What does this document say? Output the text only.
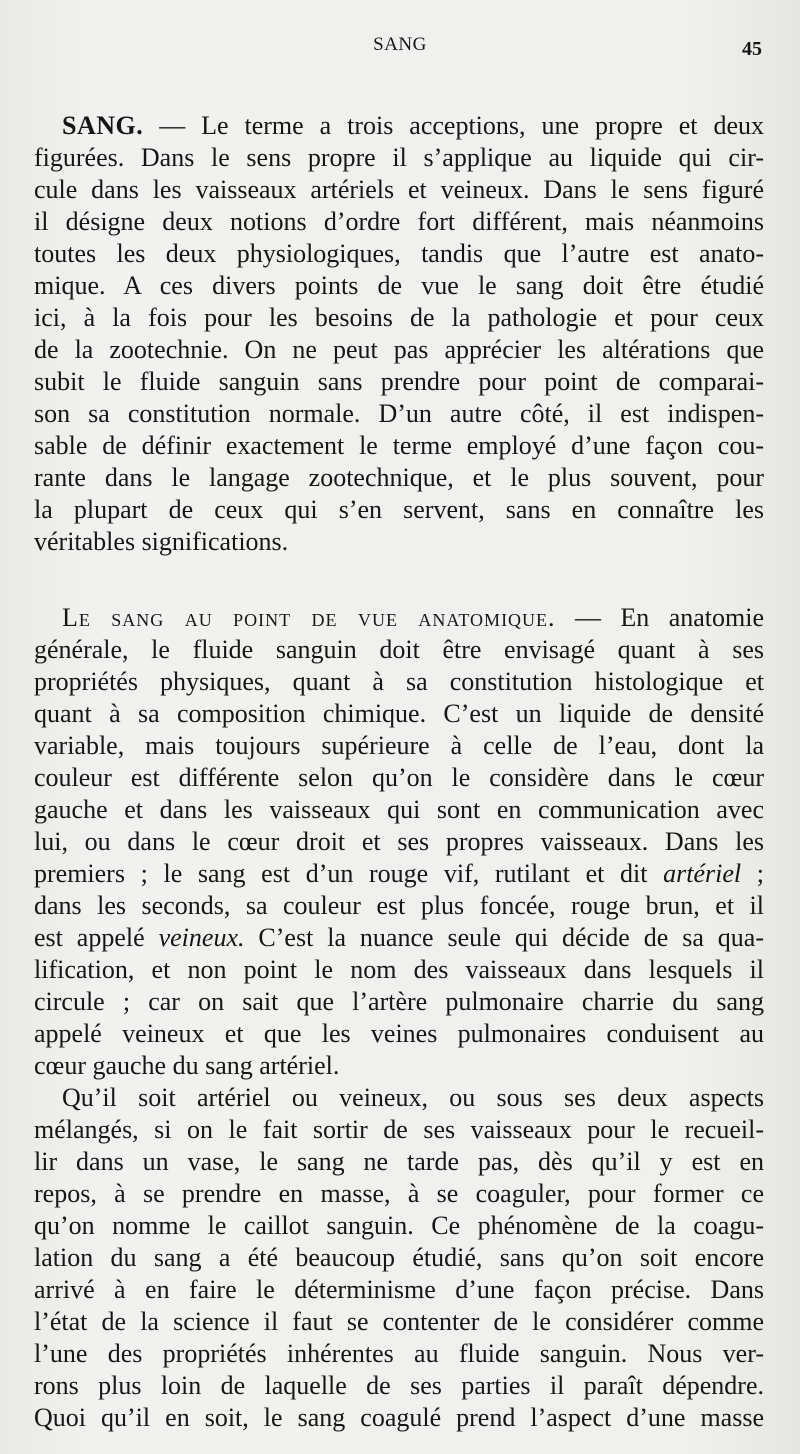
SANG	45
SANG. — Le terme a trois acceptions, une propre et deux
figurées. Dans le sens propre il s’applique au liquide qui cir-
cule dans les vaisseaux artériels et veineux. Dans le sens figuré
il désigne deux notions d’ordre fort différent, mais néanmoins
toutes les deux physiologiques, tandis que l’autre est anato-
mique. A ces divers points de vue le sang doit être étudié
ici, à la fois pour les besoins de la pathologie et pour ceux
de la zootechnie. On ne peut pas apprécier les altérations que
subit le fluide sanguin sans prendre pour point de comparai-
son sa constitution normale. D’un autre côté, il est indispen-
sable de définir exactement le terme employé d’une façon cou-
rante dans le langage zootechnique, et le plus souvent, pour
la plupart de ceux qui s’en servent, sans en connaître les
véritables significations.
Le sang au point de vue anatomique. — En anatomie
générale, le fluide sanguin doit être envisagé quant à ses
propriétés physiques, quant à sa constitution histologique et
quant à sa composition chimique. C’est un liquide de densité
variable, mais toujours supérieure à celle de l’eau, dont la
couleur est différente selon qu’on le considère dans le cœur
gauche et dans les vaisseaux qui sont en communication avec
lui, ou dans le cœur droit et ses propres vaisseaux. Dans les
premiers ; le sang est d’un rouge vif, rutilant et dit artériel ;
dans les seconds, sa couleur est plus foncée, rouge brun, et il
est appelé veineux. C’est la nuance seule qui décide de sa qua-
lification, et non point le nom des vaisseaux dans lesquels il
circule ; car on sait que l’artère pulmonaire charrie du sang
appelé veineux et que les veines pulmonaires conduisent au
cœur gauche du sang artériel.
Qu’il soit artériel ou veineux, ou sous ses deux aspects
mélangés, si on le fait sortir de ses vaisseaux pour le recueil-
lir dans un vase, le sang ne tarde pas, dès qu’il y est en
repos, à se prendre en masse, à se coaguler, pour former ce
qu’on nomme le caillot sanguin. Ce phénomène de la coagu-
lation du sang a été beaucoup étudié, sans qu’on soit encore
arrivé à en faire le déterminisme d’une façon précise. Dans
l’état de la science il faut se contenter de le considérer comme
l’une des propriétés inhérentes au fluide sanguin. Nous ver-
rons plus loin de laquelle de ses parties il paraît dépendre.
Quoi qu’il en soit, le sang coagulé prend l’aspect d’une masse
